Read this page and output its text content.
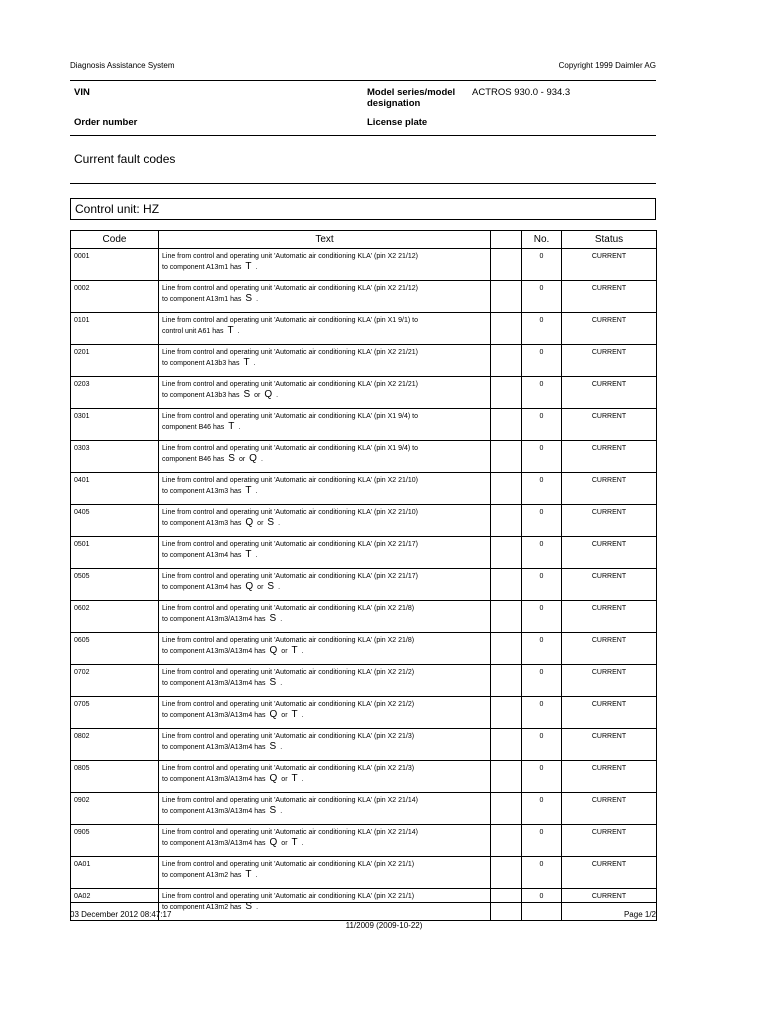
Diagnosis Assistance System	Copyright 1999 Daimler AG
VIN	Model series/model
designation
ACTROS 930.0 - 934.3
Order number	License plate
Current fault codes
Control unit: HZ
Code	Text		No.	Status
0001	Line from control and operating unit 'Automatic air conditioning KLA' (pin X2 21/12)
to component A13m1 has T .		0	CURRENT
0002	Line from control and operating unit 'Automatic air conditioning KLA' (pin X2 21/12)
to component A13m1 has S .		0	CURRENT
0101	Line from control and operating unit 'Automatic air conditioning KLA' (pin X1 9/1) to
control unit A61 has T .		0	CURRENT
0201	Line from control and operating unit 'Automatic air conditioning KLA' (pin X2 21/21)
to component A13b3 has T .		0	CURRENT
0203	Line from control and operating unit 'Automatic air conditioning KLA' (pin X2 21/21)
to component A13b3 has S or Q .		0	CURRENT
0301	Line from control and operating unit 'Automatic air conditioning KLA' (pin X1 9/4) to
component B46 has T .		0	CURRENT
0303	Line from control and operating unit 'Automatic air conditioning KLA' (pin X1 9/4) to
component B46 has S or Q .		0	CURRENT
0401	Line from control and operating unit 'Automatic air conditioning KLA' (pin X2 21/10)
to component A13m3 has T .		0	CURRENT
0405	Line from control and operating unit 'Automatic air conditioning KLA' (pin X2 21/10)
to component A13m3 has Q or S .		0	CURRENT
0501	Line from control and operating unit 'Automatic air conditioning KLA' (pin X2 21/17)
to component A13m4 has T .		0	CURRENT
0505	Line from control and operating unit 'Automatic air conditioning KLA' (pin X2 21/17)
to component A13m4 has Q or S .		0	CURRENT
0602	Line from control and operating unit 'Automatic air conditioning KLA' (pin X2 21/8)
to component A13m3/A13m4 has S .		0	CURRENT
0605	Line from control and operating unit 'Automatic air conditioning KLA' (pin X2 21/8)
to component A13m3/A13m4 has Q or T .		0	CURRENT
0702	Line from control and operating unit 'Automatic air conditioning KLA' (pin X2 21/2)
to component A13m3/A13m4 has S .		0	CURRENT
0705	Line from control and operating unit 'Automatic air conditioning KLA' (pin X2 21/2)
to component A13m3/A13m4 has Q or T .		0	CURRENT
0802	Line from control and operating unit 'Automatic air conditioning KLA' (pin X2 21/3)
to component A13m3/A13m4 has S .		0	CURRENT
0805	Line from control and operating unit 'Automatic air conditioning KLA' (pin X2 21/3)
to component A13m3/A13m4 has Q or T .		0	CURRENT
0902	Line from control and operating unit 'Automatic air conditioning KLA' (pin X2 21/14)
to component A13m3/A13m4 has S .		0	CURRENT
0905	Line from control and operating unit 'Automatic air conditioning KLA' (pin X2 21/14)
to component A13m3/A13m4 has Q or T .		0	CURRENT
0A01	Line from control and operating unit 'Automatic air conditioning KLA' (pin X2 21/1)
to component A13m2 has T .		0	CURRENT
0A02	Line from control and operating unit 'Automatic air conditioning KLA' (pin X2 21/1)
to component A13m2 has S .		0	CURRENT
03 December 2012 08:47:17	Page 1/2
11/2009 (2009-10-22)
